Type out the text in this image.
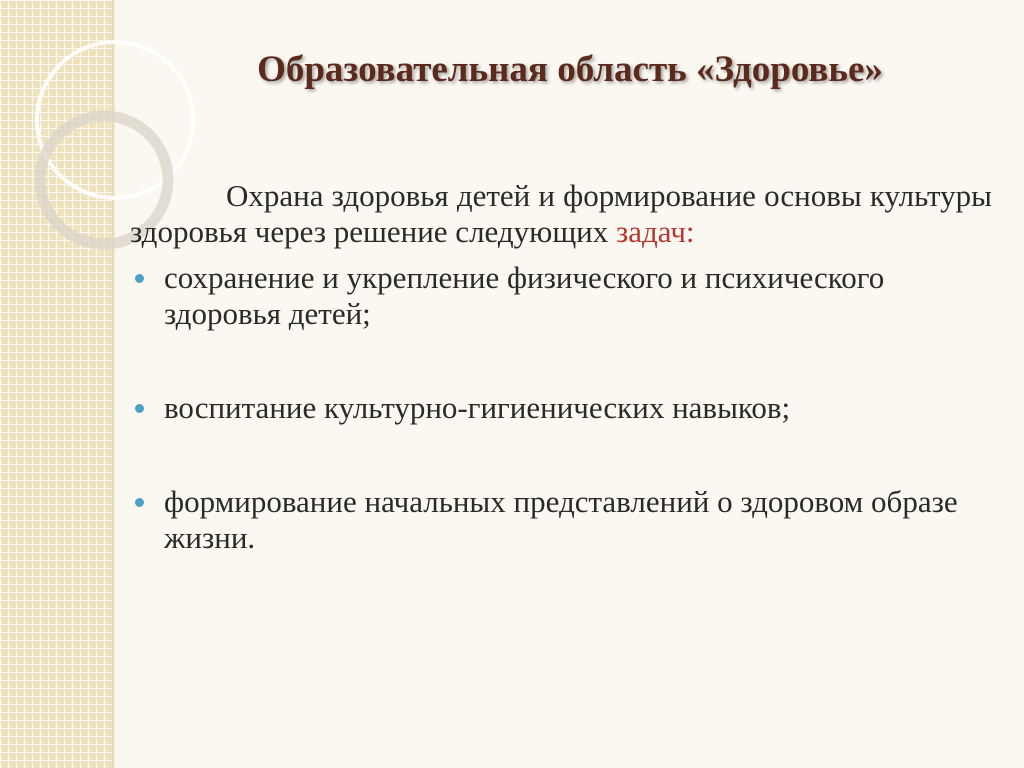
Образовательная область «Здоровье»

Охрана здоровья детей и формирование основы культуры здоровья через решение следующих задач:

сохранение и укрепление физического и психического здоровья детей;
воспитание культурно-гигиенических навыков;
формирование начальных представлений о здоровом образе жизни.
